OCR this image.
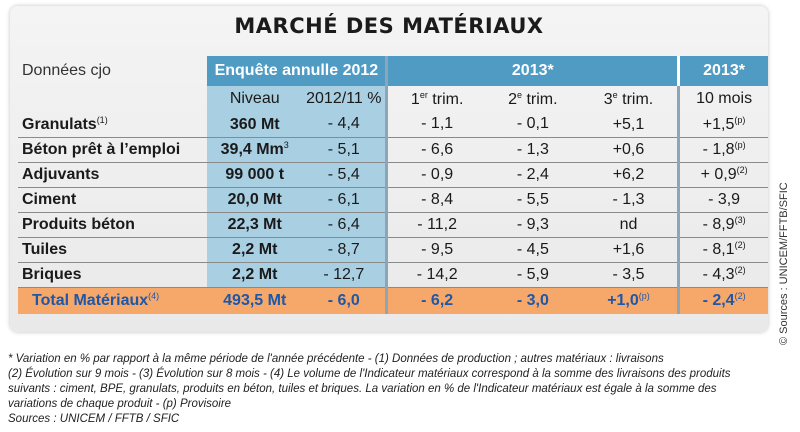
MARCHÉ DES MATÉRIAUX
Données cjo	Enquête annulle 2012		2013*			2013*
	Niveau	2012/11 %	1er trim.	2e trim.	3e trim.	10 mois
Granulats$^{(1)}$	360 Mt	- 4,4	- 1,1	- 0,1	+5,1	$+1,5^{(p)}$
Béton prêt à l’emploi	39,4 Mm$^3$	- 5,1	- 6,6	- 1,3	+0,6	- 1,8$^{(p)}$
Adjuvants	99 000 t	- 5,4	- 0,9	- 2,4	+6,2	+ $0,9^{(2)}$
Ciment	20,0 Mt	- 6,1	- 8,4	- 5,5	- 1,3	- 3,9
Produits béton	22,3 Mt	- 6,4	- 11,2	- 9,3	nd	- 8,9$^{(3)}$
Tuiles	2,2 Mt	- 8,7	- 9,5	- 4,5	+1,6	- 8,1$^{(2)}$
Briques	2,2 Mt	- 12,7	- 14,2	- 5,9	- 3,5	- 4,3$^{(2)}$
Total Matériaux$^{(4)}$	493,5 Mt	- 6,0	- 6,2	- 3,0	$+1,0^{(p)}$	- 2,4$^{(2)}$	© Sources : UNICEM/FFTB/SFIC
* Variation en % par rapport à la même période de l'année précédente - (1) Données de production ; autres matériaux : livraisons
(2) Évolution sur 9 mois - (3) Évolution sur 8 mois - (4) Le volume de l'Indicateur matériaux correspond à la somme des livraisons des produits
suivants : ciment, BPE, granulats, produits en béton, tuiles et briques. La variation en % de l'Indicateur matériaux est égale à la somme des
variations de chaque produit - (p) Provisoire
Sources : UNICEM / FFTB / SFIC
